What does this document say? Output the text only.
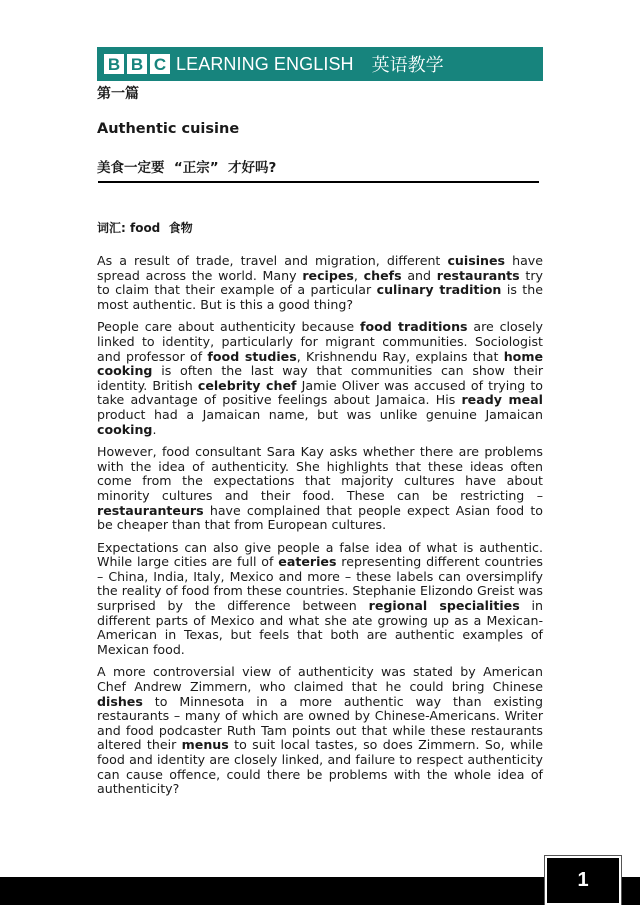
B B C LEARNING ENGLISH 英语教学
第一篇
Authentic cuisine
美食一定要  “正宗”  才好吗?
词汇: food  食物

As a result of trade, travel and migration, different cuisines have spread across the world. Many recipes, chefs and restaurants try to claim that their example of a particular culinary tradition is the most authentic. But is this a good thing?

People care about authenticity because food traditions are closely linked to identity, particularly for migrant communities. Sociologist and professor of food studies, Krishnendu Ray, explains that home cooking is often the last way that communities can show their identity. British celebrity chef Jamie Oliver was accused of trying to take advantage of positive feelings about Jamaica. His ready meal product had a Jamaican name, but was unlike genuine Jamaican cooking.

However, food consultant Sara Kay asks whether there are problems with the idea of authenticity. She highlights that these ideas often come from the expectations that majority cultures have about minority cultures and their food. These can be restricting – restauranteurs have complained that people expect Asian food to be cheaper than that from European cultures.

Expectations can also give people a false idea of what is authentic. While large cities are full of eateries representing different countries – China, India, Italy, Mexico and more – these labels can oversimplify the reality of food from these countries. Stephanie Elizondo Greist was surprised by the difference between regional specialities in different parts of Mexico and what she ate growing up as a Mexican-American in Texas, but feels that both are authentic examples of Mexican food.

A more controversial view of authenticity was stated by American Chef Andrew Zimmern, who claimed that he could bring Chinese dishes to Minnesota in a more authentic way than existing restaurants – many of which are owned by Chinese-Americans. Writer and food podcaster Ruth Tam points out that while these restaurants altered their menus to suit local tastes, so does Zimmern. So, while food and identity are closely linked, and failure to respect authenticity can cause offence, could there be problems with the whole idea of authenticity?

1
